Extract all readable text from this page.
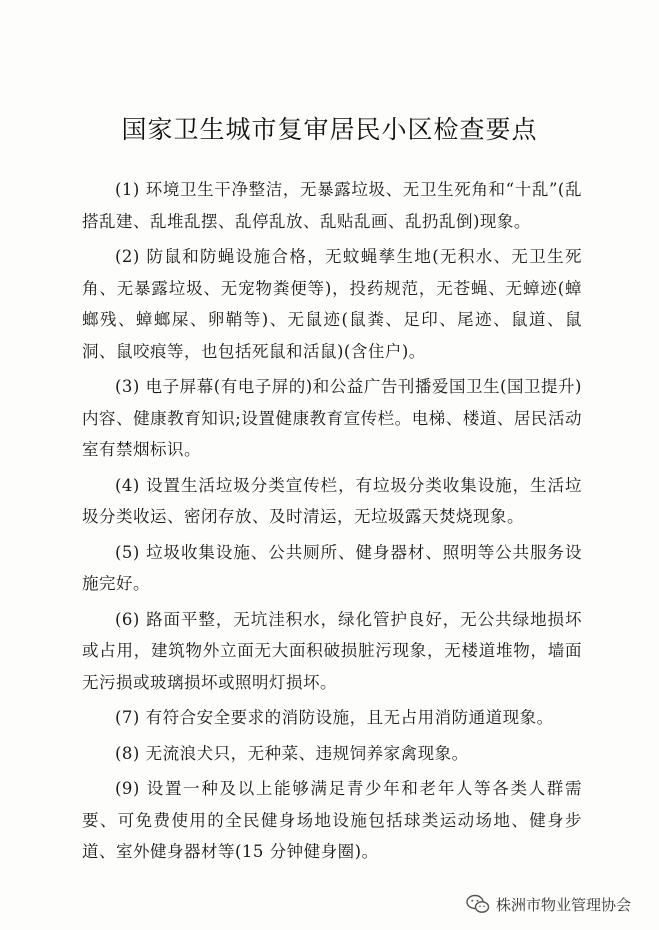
国家卫生城市复审居民小区检查要点

(1) 环境卫生干净整洁，无暴露垃圾、无卫生死角和“十乱”(乱搭乱建、乱堆乱摆、乱停乱放、乱贴乱画、乱扔乱倒)现象。

(2) 防鼠和防蝇设施合格，无蚊蝇孳生地(无积水、无卫生死角、无暴露垃圾、无宠物粪便等)，投药规范，无苍蝇、无蟑迹(蟑螂残、蟑螂屎、卵鞘等)、无鼠迹(鼠粪、足印、尾迹、鼠道、鼠洞、鼠咬痕等，也包括死鼠和活鼠)(含住户)。

(3) 电子屏幕(有电子屏的)和公益广告刊播爱国卫生(国卫提升)内容、健康教育知识;设置健康教育宣传栏。电梯、楼道、居民活动室有禁烟标识。

(4) 设置生活垃圾分类宣传栏，有垃圾分类收集设施，生活垃圾分类收运、密闭存放、及时清运，无垃圾露天焚烧现象。

(5) 垃圾收集设施、公共厕所、健身器材、照明等公共服务设施完好。

(6) 路面平整，无坑洼积水，绿化管护良好，无公共绿地损坏或占用，建筑物外立面无大面积破损脏污现象，无楼道堆物，墙面无污损或玻璃损坏或照明灯损坏。

(7) 有符合安全要求的消防设施，且无占用消防通道现象。

(8) 无流浪犬只，无种菜、违规饲养家禽现象。

(9) 设置一种及以上能够满足青少年和老年人等各类人群需要、可免费使用的全民健身场地设施包括球类运动场地、健身步道、室外健身器材等(15 分钟健身圈)。

株洲市物业管理协会
